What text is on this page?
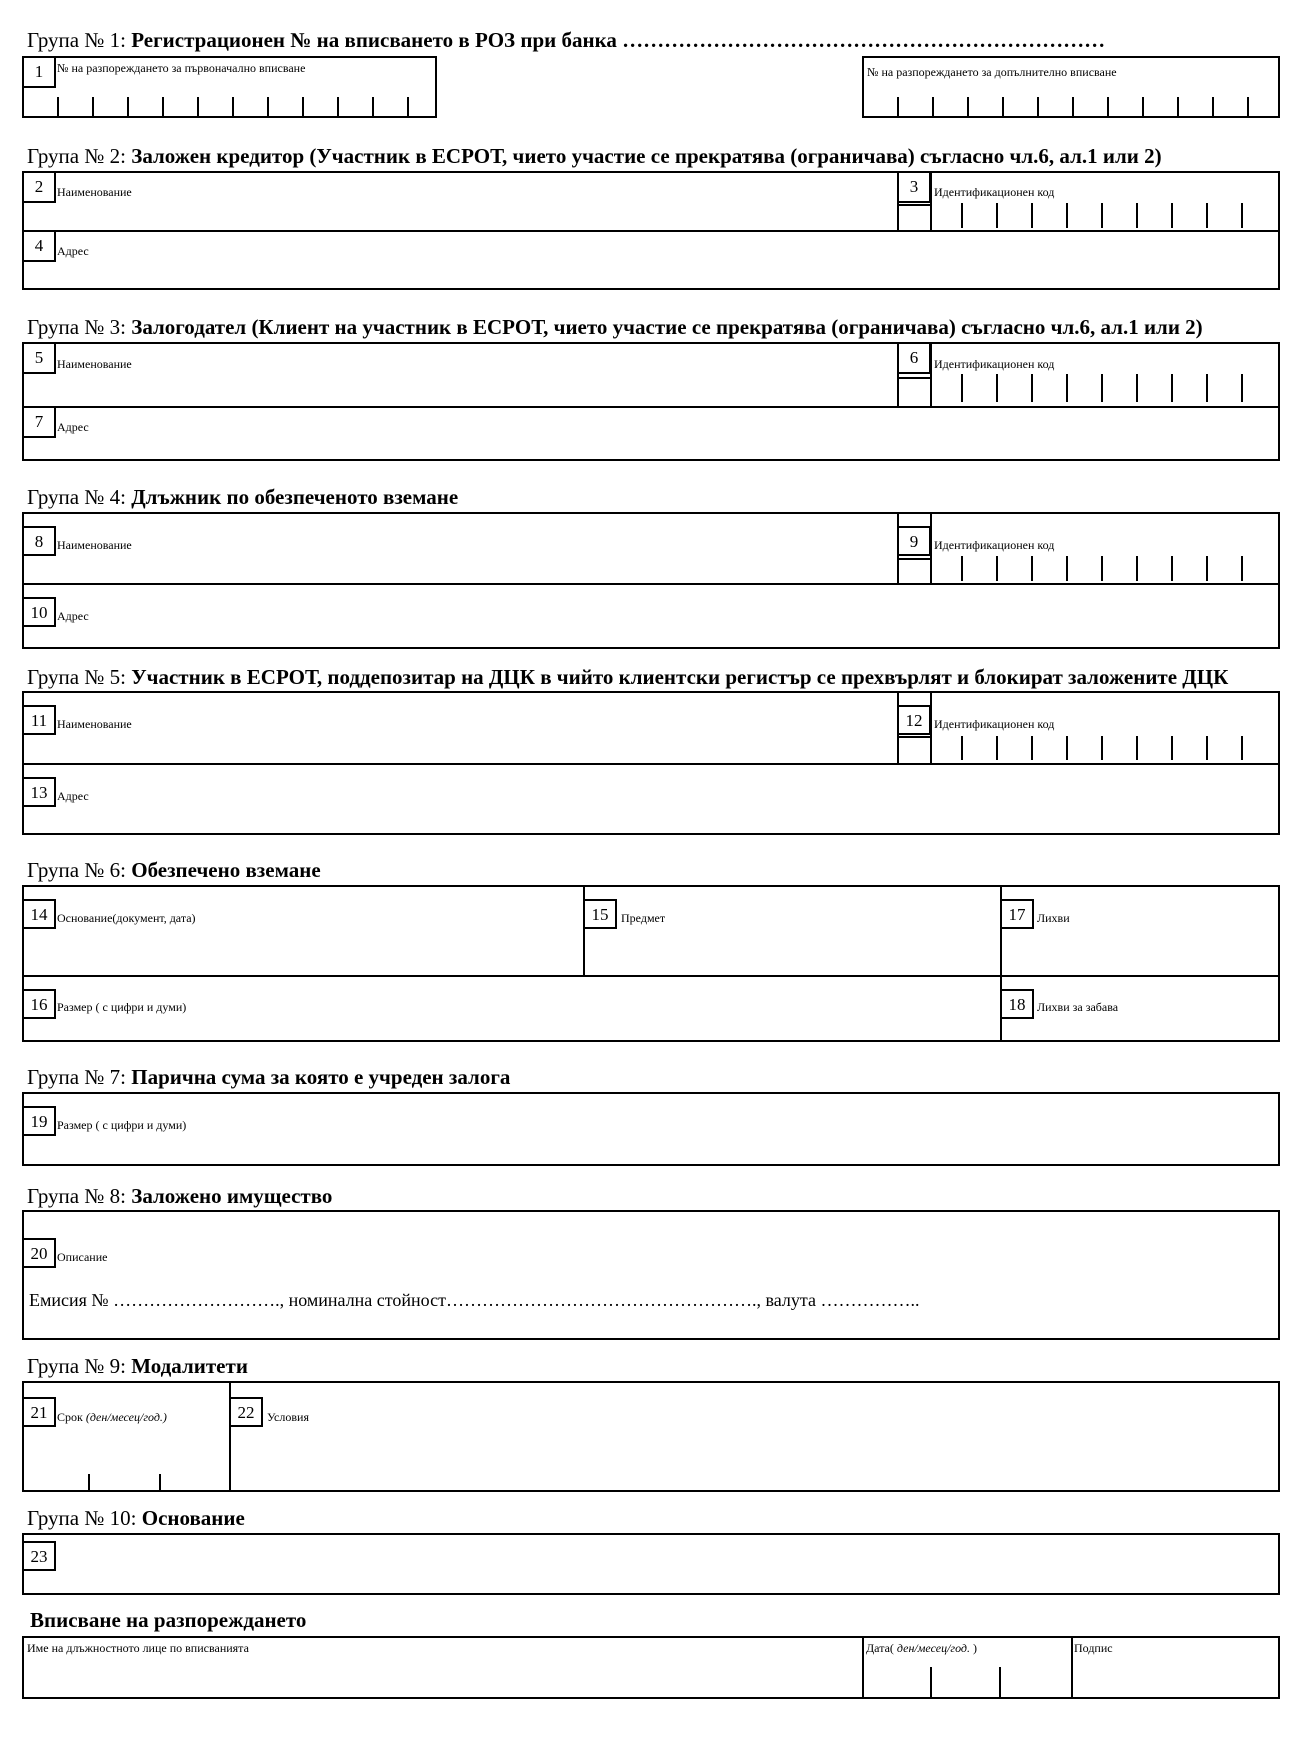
Група № 1: Регистрационен № на вписването в РОЗ при банка ……………………………………………………………
1	№ на разпореждането за първоначално вписване	№ на разпореждането за допълнително вписване
Група № 2: Заложен кредитор (Участник в ЕСРОТ, чието участие се прекратява (ограничава) съгласно чл.6, ал.1 или 2)
2	Наименование	3	Идентификационен код
4	Адрес
Група № 3: Залогодател (Клиент на участник в ЕСРОТ, чието участие се прекратява (ограничава) съгласно чл.6, ал.1 или 2)
5	Наименование	6	Идентификационен код
7	Адрес
Група № 4: Длъжник по обезпеченото вземане
8	Наименование	9	Идентификационен код
10 Адрес
Група № 5: Участник в ЕСРОТ, поддепозитар на ДЦК в чийто клиентски регистър се прехвърлят и блокират заложените ДЦК
11 Наименование	12 Идентификационен код
13 Адрес
Група № 6: Обезпечено вземане
14 Основание(документ, дата)	15	Предмет	17 Лихви
16 Размер ( с цифри и думи)	18 Лихви за забава
Група № 7: Парична сума за която е учреден залога
19 Размер ( с цифри и думи)
Група № 8: Заложено имущество
20 Описание
Емисия № ………………………., номинална стойност……………………………………………., валута ……………..
Група № 9: Модалитети
21 Срок (ден/месец/год.)	22	Условия
Група № 10: Основание
23
Вписване на разпореждането
Име на длъжностното лице по вписванията	Дата( ден/месец/год. )	Подпис
